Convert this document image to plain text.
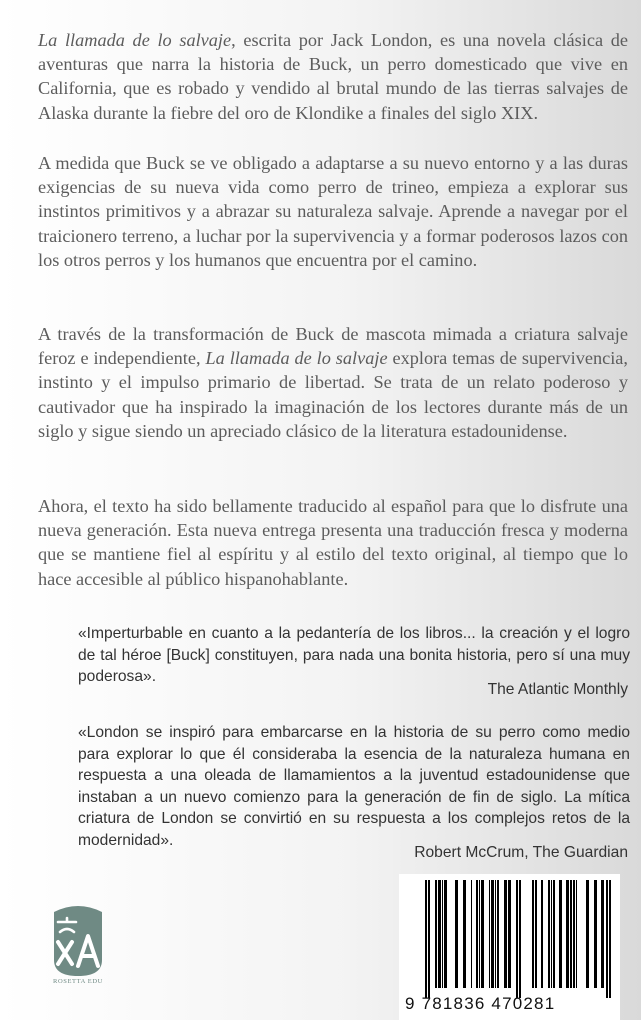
La llamada de lo salvaje, escrita por Jack London, es una novela clásica de aventuras que narra la historia de Buck, un perro domesticado que vive en California, que es robado y vendido al brutal mundo de las tierras salvajes de Alaska durante la fiebre del oro de Klondike a finales del siglo XIX.

A medida que Buck se ve obligado a adaptarse a su nuevo entorno y a las duras exigencias de su nueva vida como perro de trineo, empieza a explorar sus instintos primitivos y a abrazar su naturaleza salvaje. Aprende a navegar por el traicionero terreno, a luchar por la supervivencia y a formar poderosos lazos con los otros perros y los humanos que encuentra por el camino.

A través de la transformación de Buck de mascota mimada a criatura salvaje feroz e independiente, La llamada de lo salvaje explora temas de supervivencia, instinto y el impulso primario de libertad. Se trata de un relato poderoso y cautivador que ha inspirado la imaginación de los lectores durante más de un siglo y sigue siendo un apreciado clásico de la literatura estadounidense.

Ahora, el texto ha sido bellamente traducido al español para que lo disfrute una nueva generación. Esta nueva entrega presenta una traducción fresca y moderna que se mantiene fiel al espíritu y al estilo del texto original, al tiempo que lo hace accesible al público hispanohablante.

«Imperturbable en cuanto a la pedantería de los libros... la creación y el logro de tal héroe [Buck] constituyen, para nada una bonita historia, pero sí una muy poderosa».

The Atlantic Monthly

«London se inspiró para embarcarse en la historia de su perro como medio para explorar lo que él consideraba la esencia de la naturaleza humana en respuesta a una oleada de llamamientos a la juventud estadounidense que instaban a un nuevo comienzo para la generación de fin de siglo. La mítica criatura de London se convirtió en su respuesta a los complejos retos de la modernidad».

Robert McCrum, The Guardian
9 781836 470281
ROSETTA EDU
